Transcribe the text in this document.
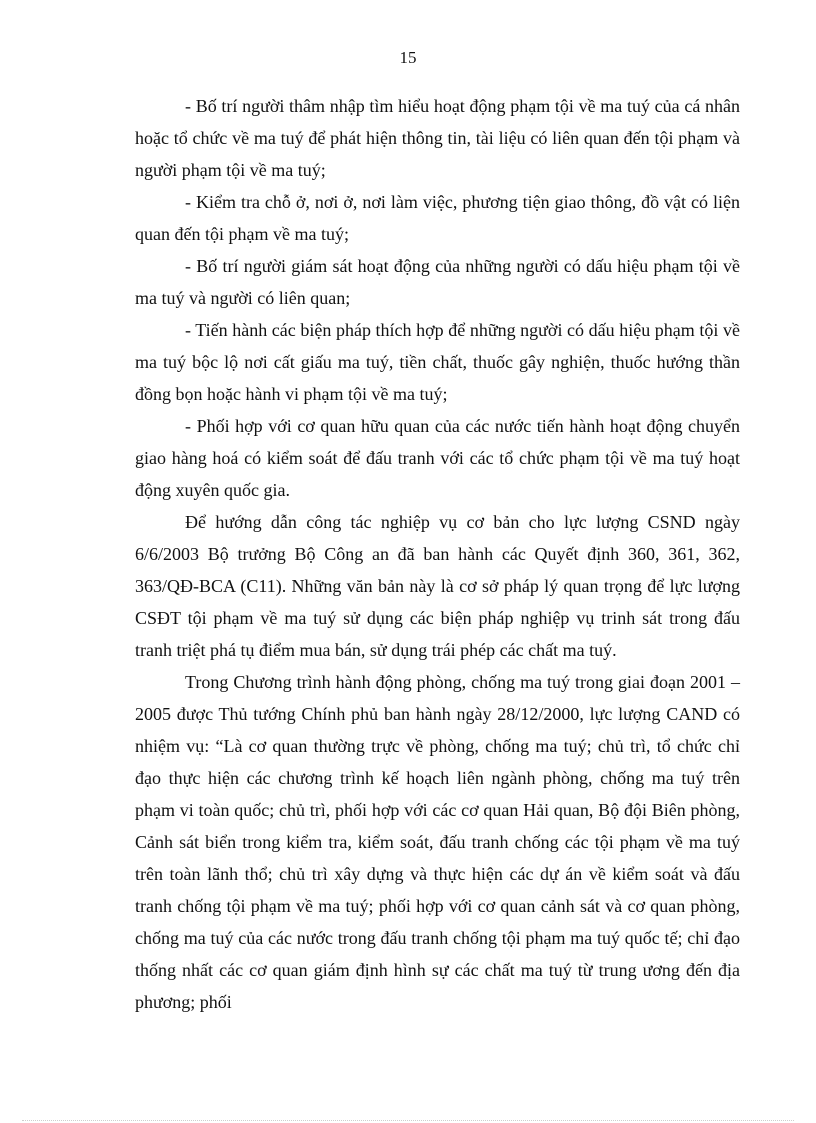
15

- Bố trí người thâm nhập tìm hiểu hoạt động phạm tội về ma tuý của cá nhân hoặc tổ chức về ma tuý để phát hiện thông tin, tài liệu có liên quan đến tội phạm và người phạm tội về ma tuý;

- Kiểm tra chỗ ở, nơi ở, nơi làm việc, phương tiện giao thông, đồ vật có liện quan đến tội phạm về ma tuý;

- Bố trí người giám sát hoạt động của những người có dấu hiệu phạm tội về ma tuý và người có liên quan;

- Tiến hành các biện pháp thích hợp để những người có dấu hiệu phạm tội về ma tuý bộc lộ nơi cất giấu ma tuý, tiền chất, thuốc gây nghiện, thuốc hướng thần đồng bọn hoặc hành vi phạm tội về ma tuý;

- Phối hợp với cơ quan hữu quan của các nước tiến hành hoạt động chuyển giao hàng hoá có kiểm soát để đấu tranh với các tổ chức phạm tội về ma tuý hoạt động xuyên quốc gia.

Để hướng dẫn công tác nghiệp vụ cơ bản cho lực lượng CSND ngày 6/6/2003 Bộ trưởng Bộ Công an đã ban hành các Quyết định 360, 361, 362, 363/QĐ-BCA (C11). Những văn bản này là cơ sở pháp lý quan trọng để lực lượng CSĐT tội phạm về ma tuý sử dụng các biện pháp nghiệp vụ trinh sát trong đấu tranh triệt phá tụ điểm mua bán, sử dụng trái phép các chất ma tuý.

Trong Chương trình hành động phòng, chống ma tuý trong giai đoạn 2001 – 2005 được Thủ tướng Chính phủ ban hành ngày 28/12/2000, lực lượng CAND có nhiệm vụ: “Là cơ quan thường trực về phòng, chống ma tuý; chủ trì, tổ chức chỉ đạo thực hiện các chương trình kế hoạch liên ngành phòng, chống ma tuý trên phạm vi toàn quốc; chủ trì, phối hợp với các cơ quan Hải quan, Bộ đội Biên phòng, Cảnh sát biển trong kiểm tra, kiểm soát, đấu tranh chống các tội phạm về ma tuý trên toàn lãnh thổ; chủ trì xây dựng và thực hiện các dự án về kiểm soát và đấu tranh chống tội phạm về ma tuý; phối hợp với cơ quan cảnh sát và cơ quan phòng, chống ma tuý của các nước trong đấu tranh chống tội phạm ma tuý quốc tế; chỉ đạo thống nhất các cơ quan giám định hình sự các chất ma tuý từ trung ương đến địa phương; phối
